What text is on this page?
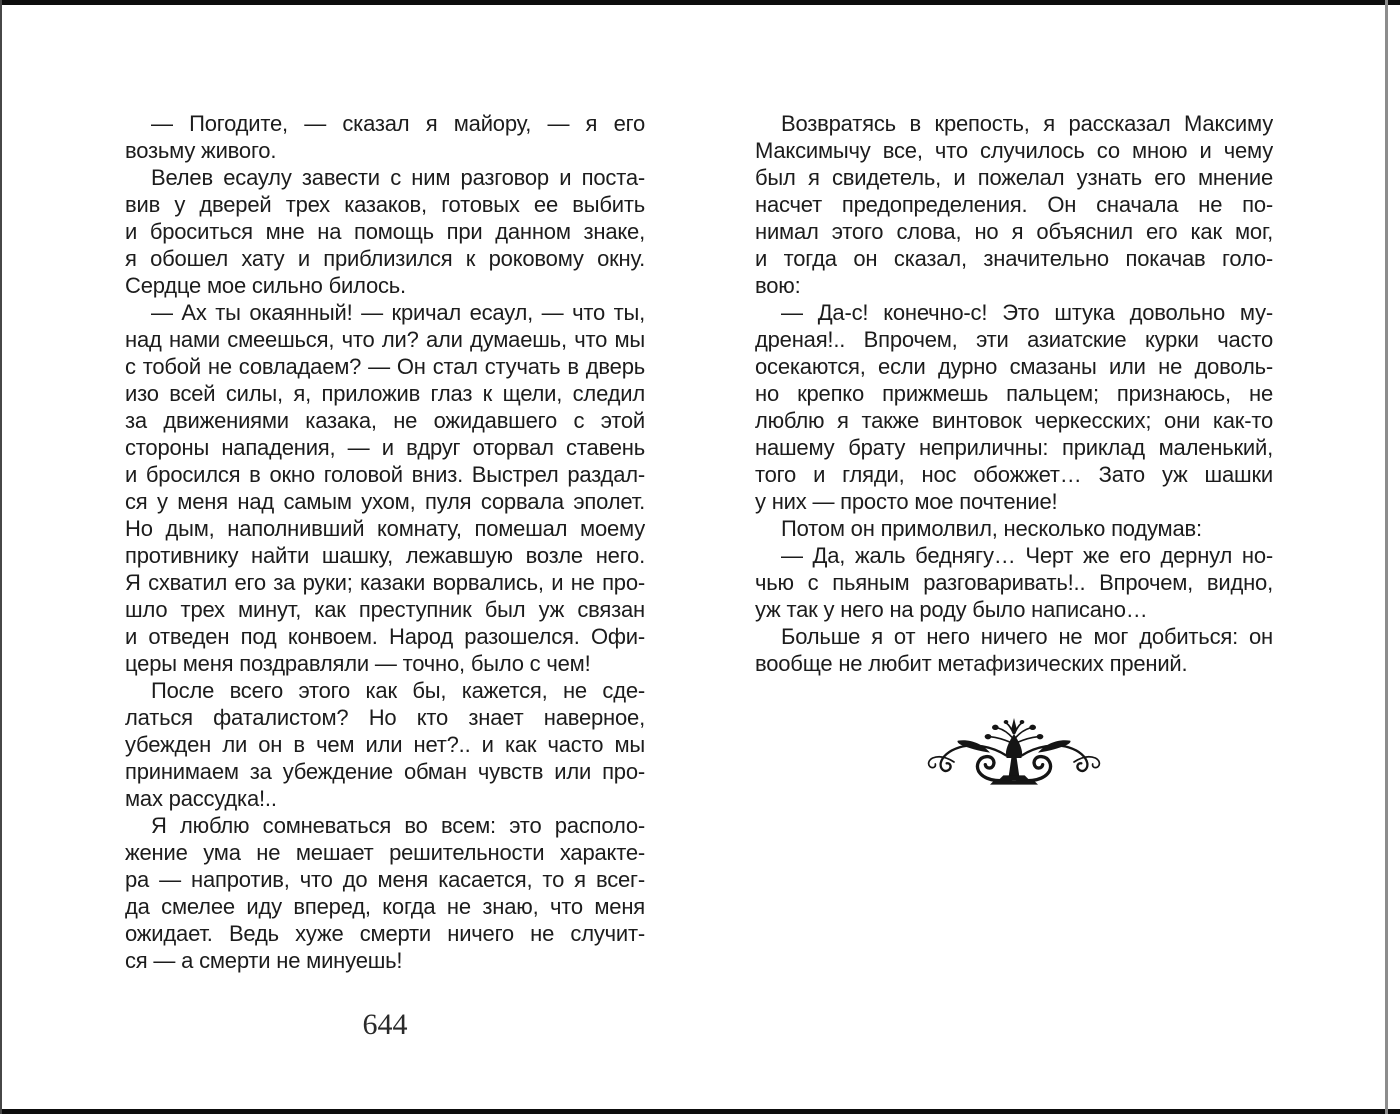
— Погодите, — сказал я майору, — я его
возьму живого.
Велев есаулу завести с ним разговор и поста-
вив у дверей трех казаков, готовых ее выбить
и броситься мне на помощь при данном знаке,
я обошел хату и приблизился к роковому окну.
Сердце мое сильно билось.
— Ах ты окаянный! — кричал есаул, — что ты,
над нами смеешься, что ли? али думаешь, что мы
с тобой не совладаем? — Он стал стучать в дверь
изо всей силы, я, приложив глаз к щели, следил
за движениями казака, не ожидавшего с этой
стороны нападения, — и вдруг оторвал ставень
и бросился в окно головой вниз. Выстрел раздал-
ся у меня над самым ухом, пуля сорвала эполет.
Но дым, наполнивший комнату, помешал моему
противнику найти шашку, лежавшую возле него.
Я схватил его за руки; казаки ворвались, и не про-
шло трех минут, как преступник был уж связан
и отведен под конвоем. Народ разошелся. Офи-
церы меня поздравляли — точно, было с чем!
После всего этого как бы, кажется, не сде-
латься фаталистом? Но кто знает наверное,
убежден ли он в чем или нет?.. и как часто мы
принимаем за убеждение обман чувств или про-
мах рассудка!..
Я люблю сомневаться во всем: это располо-
жение ума не мешает решительности характе-
ра — напротив, что до меня касается, то я всег-
да смелее иду вперед, когда не знаю, что меня
ожидает. Ведь хуже смерти ничего не случит-
ся — а смерти не минуешь!
Возвратясь в крепость, я рассказал Максиму
Максимычу все, что случилось со мною и чему
был я свидетель, и пожелал узнать его мнение
насчет предопределения. Он сначала не по-
нимал этого слова, но я объяснил его как мог,
и тогда он сказал, значительно покачав голо-
вою:
— Да-с! конечно-с! Это штука довольно му-
дреная!.. Впрочем, эти азиатские курки часто
осекаются, если дурно смазаны или не доволь-
но крепко прижмешь пальцем; признаюсь, не
люблю я также винтовок черкесских; они как-то
нашему брату неприличны: приклад маленький,
того и гляди, нос обожжет… Зато уж шашки
у них — просто мое почтение!
Потом он примолвил, несколько подумав:
— Да, жаль беднягу… Черт же его дернул но-
чью с пьяным разговаривать!.. Впрочем, видно,
уж так у него на роду было написано…
Больше я от него ничего не мог добиться: он
вообще не любит метафизических прений.
644
